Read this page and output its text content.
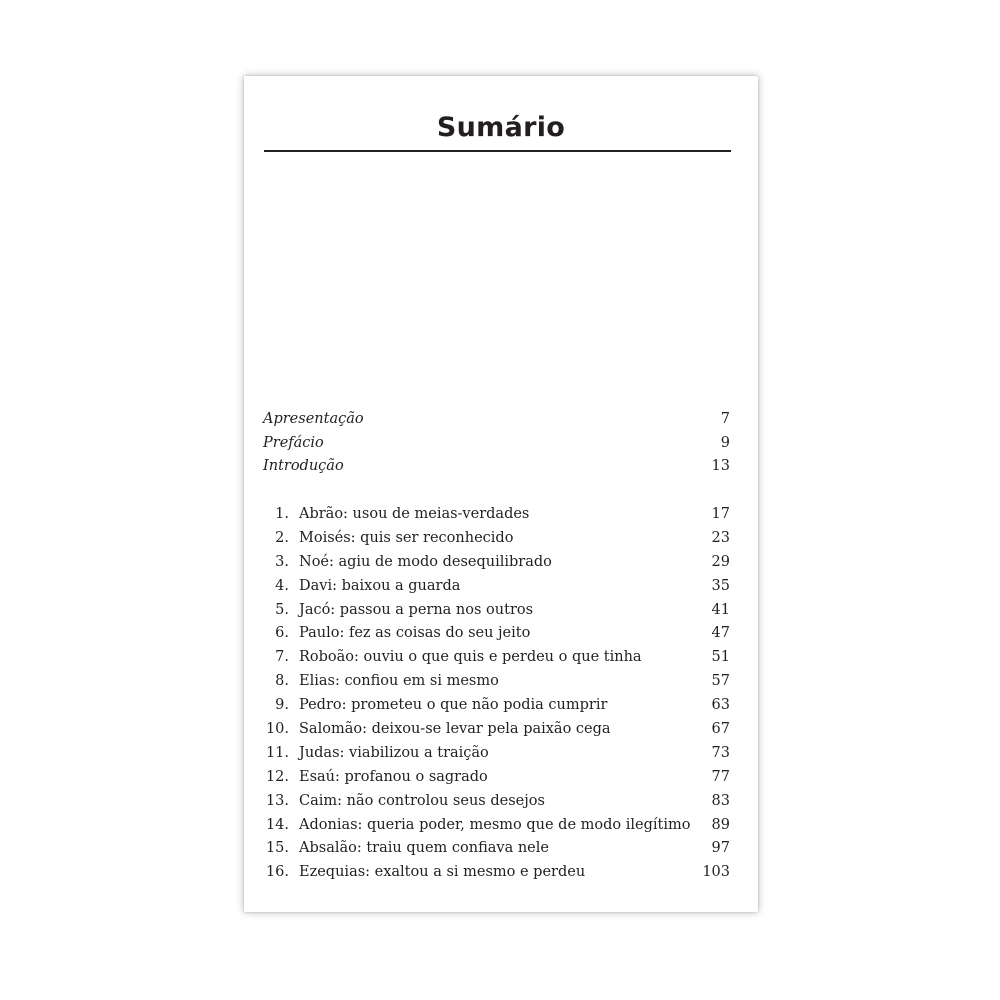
Sumário
Apresentação	7
Prefácio	9
Introdução	13
1. Abrão: usou de meias-verdades	17
2. Moisés: quis ser reconhecido	23
3. Noé: agiu de modo desequilibrado	29
4. Davi: baixou a guarda	35
5. Jacó: passou a perna nos outros	41
6. Paulo: fez as coisas do seu jeito	47
7. Roboão: ouviu o que quis e perdeu o que tinha	51
8. Elias: confiou em si mesmo	57
9. Pedro: prometeu o que não podia cumprir	63
10. Salomão: deixou-se levar pela paixão cega	67
11. Judas: viabilizou a traição	73
12. Esaú: profanou o sagrado	77
13. Caim: não controlou seus desejos	83
14. Adonias: queria poder, mesmo que de modo ilegítimo 89
15. Absalão: traiu quem confiava nele	97
16. Ezequias: exaltou a si mesmo e perdeu	103
